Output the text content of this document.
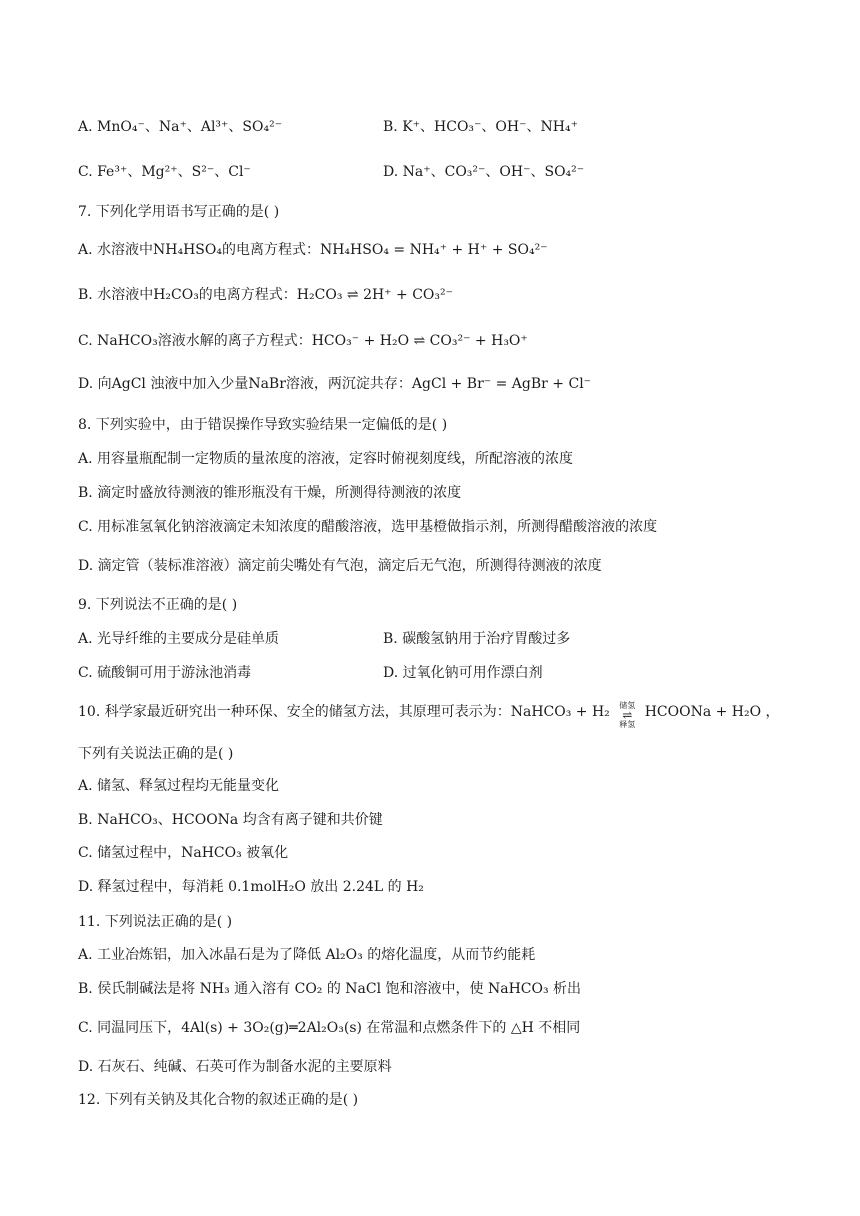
A. MnO₄⁻、Na⁺、Al³⁺、SO₄²⁻	B. K⁺、HCO₃⁻、OH⁻、NH₄⁺
C. Fe³⁺、Mg²⁺、S²⁻、Cl⁻	D. Na⁺、CO₃²⁻、OH⁻、SO₄²⁻
7. 下列化学用语书写正确的是( )
A. 水溶液中NH₄HSO₄的电离方程式：NH₄HSO₄ = NH₄⁺ + H⁺ + SO₄²⁻
B. 水溶液中H₂CO₃的电离方程式：H₂CO₃ ⇌ 2H⁺ + CO₃²⁻
C. NaHCO₃溶液水解的离子方程式：HCO₃⁻ + H₂O ⇌ CO₃²⁻ + H₃O⁺
D. 向AgCl 浊液中加入少量NaBr溶液，两沉淀共存：AgCl + Br⁻ = AgBr + Cl⁻
8. 下列实验中，由于错误操作导致实验结果一定偏低的是( )
A. 用容量瓶配制一定物质的量浓度的溶液，定容时俯视刻度线，所配溶液的浓度
B. 滴定时盛放待测液的锥形瓶没有干燥，所测得待测液的浓度
C. 用标准氢氧化钠溶液滴定未知浓度的醋酸溶液，选甲基橙做指示剂，所测得醋酸溶液的浓度
D. 滴定管（装标准溶液）滴定前尖嘴处有气泡，滴定后无气泡，所测得待测液的浓度
9. 下列说法不正确的是( )
A. 光导纤维的主要成分是硅单质	B. 碳酸氢钠用于治疗胃酸过多
C. 硫酸铜可用于游泳池消毒	D. 过氧化钠可用作漂白剂
10. 科学家最近研究出一种环保、安全的储氢方法，其原理可表示为：NaHCO₃ + H₂	储氢
⇌
释氢
HCOONa + H₂O ，
下列有关说法正确的是( )
A. 储氢、释氢过程均无能量变化
B. NaHCO₃、HCOONa 均含有离子键和共价键
C. 储氢过程中，NaHCO₃ 被氧化
D. 释氢过程中，每消耗 0.1molH₂O 放出 2.24L 的 H₂
11. 下列说法正确的是( )
A. 工业冶炼铝，加入冰晶石是为了降低 Al₂O₃ 的熔化温度，从而节约能耗
B. 侯氏制碱法是将 NH₃ 通入溶有 CO₂ 的 NaCl 饱和溶液中，使 NaHCO₃ 析出
C. 同温同压下，4Al(s) + 3O₂(g)═2Al₂O₃(s) 在常温和点燃条件下的 △H 不相同
D. 石灰石、纯碱、石英可作为制备水泥的主要原料
12. 下列有关钠及其化合物的叙述正确的是( )
